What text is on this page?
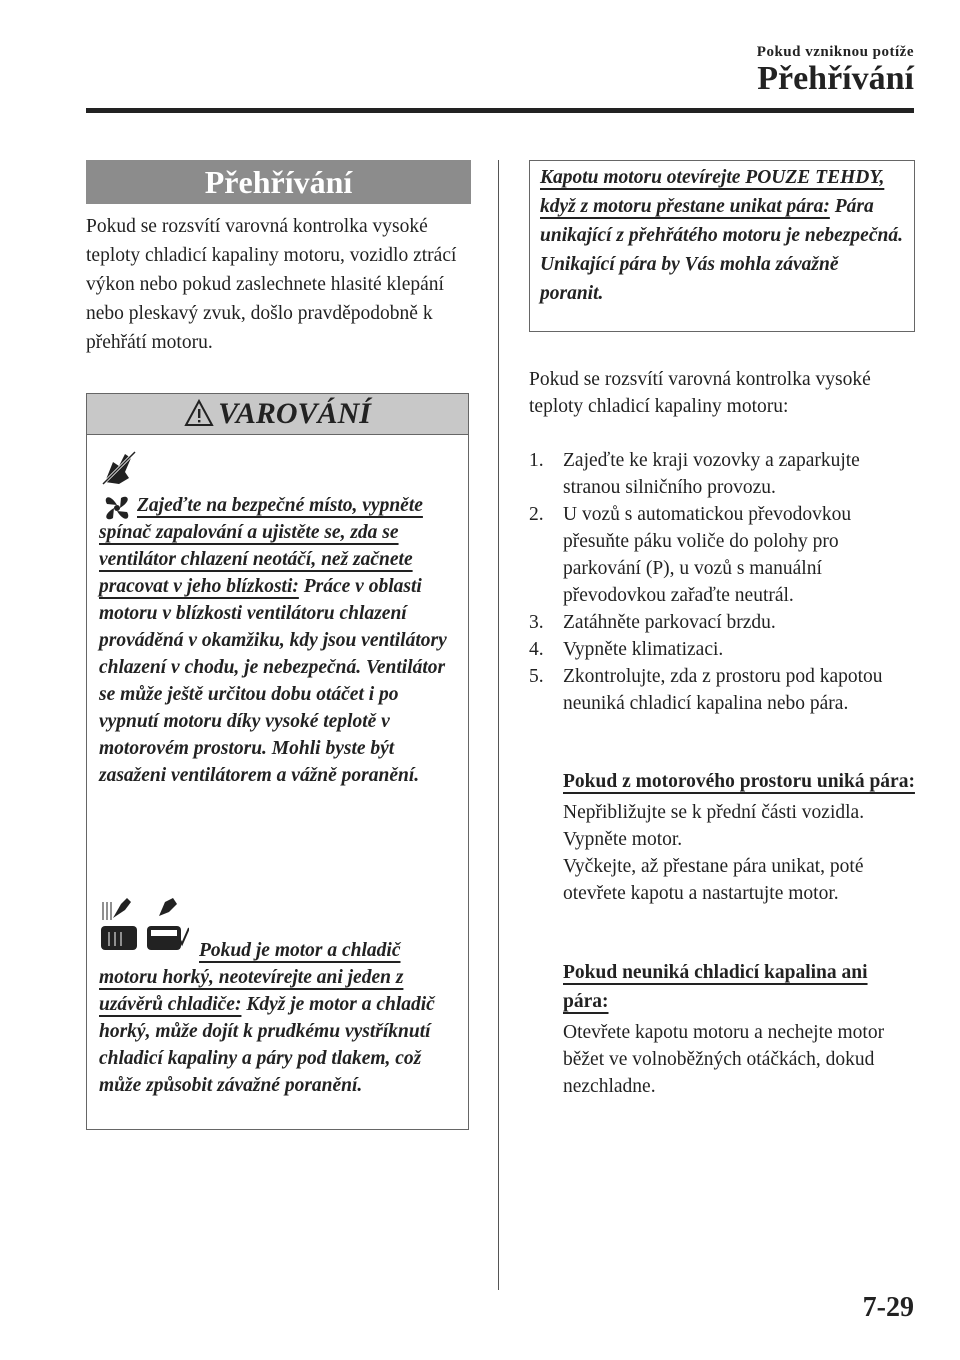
Pokud vzniknou potíže
Přehřívání
Přehřívání

Pokud se rozsvítí varovná kontrolka vysoké teploty chladicí kapaliny motoru, vozidlo ztrácí výkon nebo pokud zaslechnete hlasité klepání nebo pleskavý zvuk, došlo pravděpodobně k přehřátí motoru.

VAROVÁNÍ
Zajeďte na bezpečné místo, vypněte spínač zapalování a ujistěte se, zda se ventilátor chlazení neotáčí, než začnete pracovat v jeho blízkosti: Práce v oblasti motoru v blízkosti ventilátoru chlazení prováděná v okamžiku, kdy jsou ventilátory chlazení v chodu, je nebezpečná. Ventilátor se může ještě určitou dobu otáčet i po vypnutí motoru díky vysoké teplotě v motorovém prostoru. Mohli byste být zasaženi ventilátorem a vážně poranění.
Pokud je motor a chladič motoru horký, neotevírejte ani jeden z uzávěrů chladiče: Když je motor a chladič horký, může dojít k prudkému vystříknutí chladicí kapaliny a páry pod tlakem, což může způsobit závažné poranění.
Kapotu motoru otevírejte POUZE TEHDY, když z motoru přestane unikat pára: Pára unikající z přehřátého motoru je nebezpečná. Unikající pára by Vás mohla závažně poranit.
Pokud se rozsvítí varovná kontrolka vysoké teploty chladicí kapaliny motoru:
1. Zajeďte ke kraji vozovky a zaparkujte stranou silničního provozu.
2. U vozů s automatickou převodovkou přesuňte páku voliče do polohy pro parkování (P), u vozů s manuální převodovkou zařaďte neutrál.
3. Zatáhněte parkovací brzdu.
4. Vypněte klimatizaci.
5. Zkontrolujte, zda z prostoru pod kapotou neuniká chladicí kapalina nebo pára.
Pokud z motorového prostoru uniká pára:
Nepřibližujte se k přední části vozidla.
Vypněte motor.
Vyčkejte, až přestane pára unikat, poté otevřete kapotu a nastartujte motor.
Pokud neuniká chladicí kapalina ani pára:
Otevřete kapotu motoru a nechejte motor běžet ve volnoběžných otáčkách, dokud nezchladne.
7-29
